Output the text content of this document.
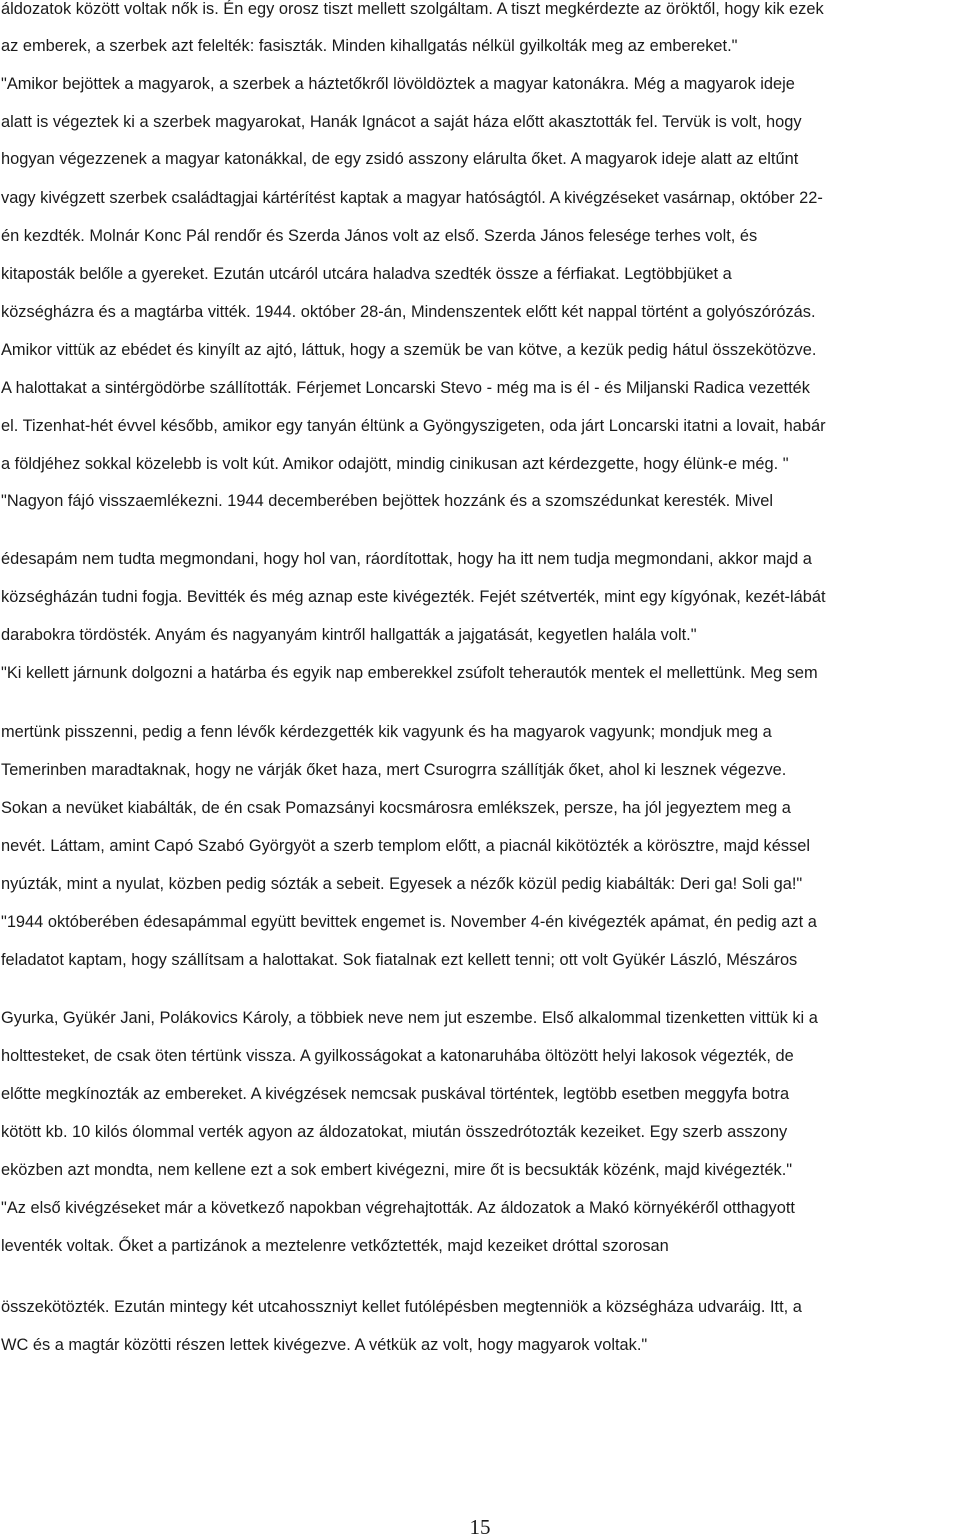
áldozatok között voltak nők is. Én egy orosz tiszt mellett szolgáltam. A tiszt megkérdezte az öröktől, hogy kik ezek
az emberek, a szerbek azt felelték: fasiszták. Minden kihallgatás nélkül gyilkolták meg az embereket."
"Amikor bejöttek a magyarok, a szerbek a háztetőkről lövöldöztek a magyar katonákra. Még a magyarok ideje
alatt is végeztek ki a szerbek magyarokat, Hanák Ignácot a saját háza előtt akasztották fel. Tervük is volt, hogy
hogyan végezzenek a magyar katonákkal, de egy zsidó asszony elárulta őket. A magyarok ideje alatt az eltűnt
vagy kivégzett szerbek családtagjai kártérítést kaptak a magyar hatóságtól. A kivégzéseket vasárnap, október 22-
én kezdték. Molnár Konc Pál rendőr és Szerda János volt az első. Szerda János felesége terhes volt, és
kitaposták belőle a gyereket. Ezután utcáról utcára haladva szedték össze a férfiakat. Legtöbbjüket a
községházra és a magtárba vitték. 1944. október 28-án, Mindenszentek előtt két nappal történt a golyószórózás.
Amikor vittük az ebédet és kinyílt az ajtó, láttuk, hogy a szemük be van kötve, a kezük pedig hátul összekötözve.
A halottakat a sintérgödörbe szállították. Férjemet Loncarski Stevo - még ma is él - és Miljanski Radica vezették
el. Tizenhat-hét évvel később, amikor egy tanyán éltünk a Gyöngyszigeten, oda járt Loncarski itatni a lovait, habár
a földjéhez sokkal közelebb is volt kút. Amikor odajött, mindig cinikusan azt kérdezgette, hogy élünk-e még. "
"Nagyon fájó visszaemlékezni. 1944 decemberében bejöttek hozzánk és a szomszédunkat keresték. Mivel
édesapám nem tudta megmondani, hogy hol van, ráordítottak, hogy ha itt nem tudja megmondani, akkor majd a
községházán tudni fogja. Bevitték és még aznap este kivégezték. Fejét szétverték, mint egy kígyónak, kezét-lábát
darabokra tördösték. Anyám és nagyanyám kintről hallgatták a jajgatását, kegyetlen halála volt."
"Ki kellett járnunk dolgozni a határba és egyik nap emberekkel zsúfolt teherautók mentek el mellettünk. Meg sem
mertünk pisszenni, pedig a fenn lévők kérdezgették kik vagyunk és ha magyarok vagyunk; mondjuk meg a
Temerinben maradtaknak, hogy ne várják őket haza, mert Csurogrra szállítják őket, ahol ki lesznek végezve.
Sokan a nevüket kiabálták, de én csak Pomazsányi kocsmárosra emlékszek, persze, ha jól jegyeztem meg a
nevét. Láttam, amint Capó Szabó Györgyöt a szerb templom előtt, a piacnál kikötözték a körösztre, majd késsel
nyúzták, mint a nyulat, közben pedig sózták a sebeit. Egyesek a nézők közül pedig kiabálták: Deri ga! Soli ga!"
"1944 októberében édesapámmal együtt bevittek engemet is. November 4-én kivégezték apámat, én pedig azt a
feladatot kaptam, hogy szállítsam a halottakat. Sok fiatalnak ezt kellett tenni; ott volt Gyükér László, Mészáros
Gyurka, Gyükér Jani, Polákovics Károly, a többiek neve nem jut eszembe. Első alkalommal tizenketten vittük ki a
holttesteket, de csak öten tértünk vissza. A gyilkosságokat a katonaruhába öltözött helyi lakosok végezték, de
előtte megkínozták az embereket. A kivégzések nemcsak puskával történtek, legtöbb esetben meggyfa botra
kötött kb. 10 kilós ólommal verték agyon az áldozatokat, miután összedrótozták kezeiket. Egy szerb asszony
eközben azt mondta, nem kellene ezt a sok embert kivégezni, mire őt is becsukták közénk, majd kivégezték."
"Az első kivégzéseket már a következő napokban végrehajtották. Az áldozatok a Makó környékéről otthagyott
leventék voltak. Őket a partizánok a meztelenre vetkőztették, majd kezeiket dróttal szorosan
összekötözték. Ezután mintegy két utcahosszniyt kellet futólépésben megtenniök a községháza udvaráig. Itt, a
WC és a magtár közötti részen lettek kivégezve. A vétkük az volt, hogy magyarok voltak."
15
